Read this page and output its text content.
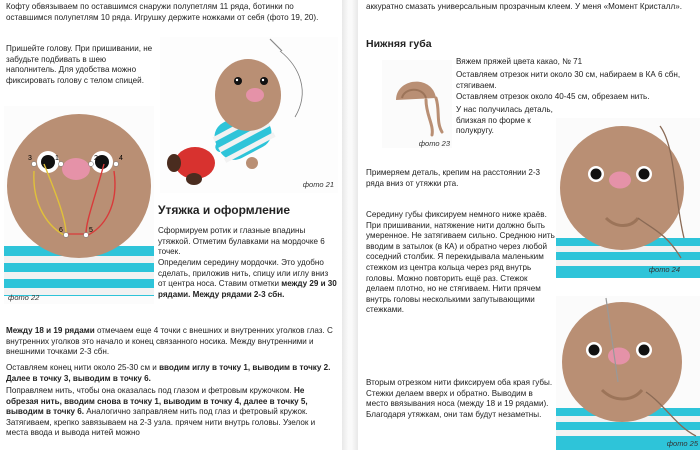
Кофту обвязываем по оставшимся снаружи полупетлям 11 ряда, ботинки по оставшимся полупетлям 10 ряда. Игрушку держите ножками от себя (фото 19, 20).

Пришейте голову. При пришивании, не забудьте подбивать в шею наполнитель. Для удобства можно фиксировать голову с телом спицей.

фото 21
3	1	2	4
6	5
фото 22
Утяжка и оформление

Сформируем ротик и глазные впадины утяжкой. Отметим булавками на мордочке 6 точек.

Определим середину мордочки. Это удобно сделать, приложив нить, спицу или иглу вниз от центра носа. Ставим отметки между 29 и 30 рядами. Между рядами 2-3 сбн.

Между 18 и 19 рядами отмечаем еще 4 точки с внешних и внутренних уголков глаз. С внутренних уголков это начало и конец связанного носика. Между внутренними и внешними точками 2-3 сбн.

Оставляем конец нити около 25-30 см и вводим иглу в точку 1, выводим в точку 2. Далее в точку 3, выводим в точку 6.

Поправляем нить, чтобы она оказалась под глазом и фетровым кружочком. Не обрезая нить, вводим снова в точку 1, выводим в точку 4, далее в точку 5, выводим в точку 6. Аналогично заправляем нить под глаз и фетровый кружок. Затягиваем, крепко завязываем на 2-3 узла. прячем нити внутрь головы. Узелок и места ввода и вывода нитей можно

аккуратно смазать универсальным прозрачным клеем. У меня «Момент Кристалл».

Нижняя губа
фото 23

Вяжем пряжей цвета какао, № 71

Оставляем отрезок нити около 30 см, набираем в КА 6 сбн, стягиваем.

Оставляем отрезок около 40-45 см, обрезаем нить.

У нас получилась деталь, близкая по форме к полукругу.

фото 24

Примеряем деталь, крепим на расстоянии 2-3 ряда вниз от утяжки рта.

Середину губы фиксируем немного ниже краёв. При пришивании, натяжение нити должно быть умеренное. Не затягиваем сильно. Среднюю нить вводим в затылок (в КА) и обратно через любой соседний столбик. Я перекидывала маленьким стежком из центра кольца через ряд внутрь головы. Можно повторить ещё раз. Стежок делаем плотно, но не стягиваем. Нити прячем внутрь головы несколькими запутывающими стежками.

фото 25

Вторым отрезком нити фиксируем оба края губы. Стежки делаем вверх и обратно. Выводим в место ввязывания носа (между 18 и 19 рядами). Благодаря утяжкам, они там будут незаметны.
